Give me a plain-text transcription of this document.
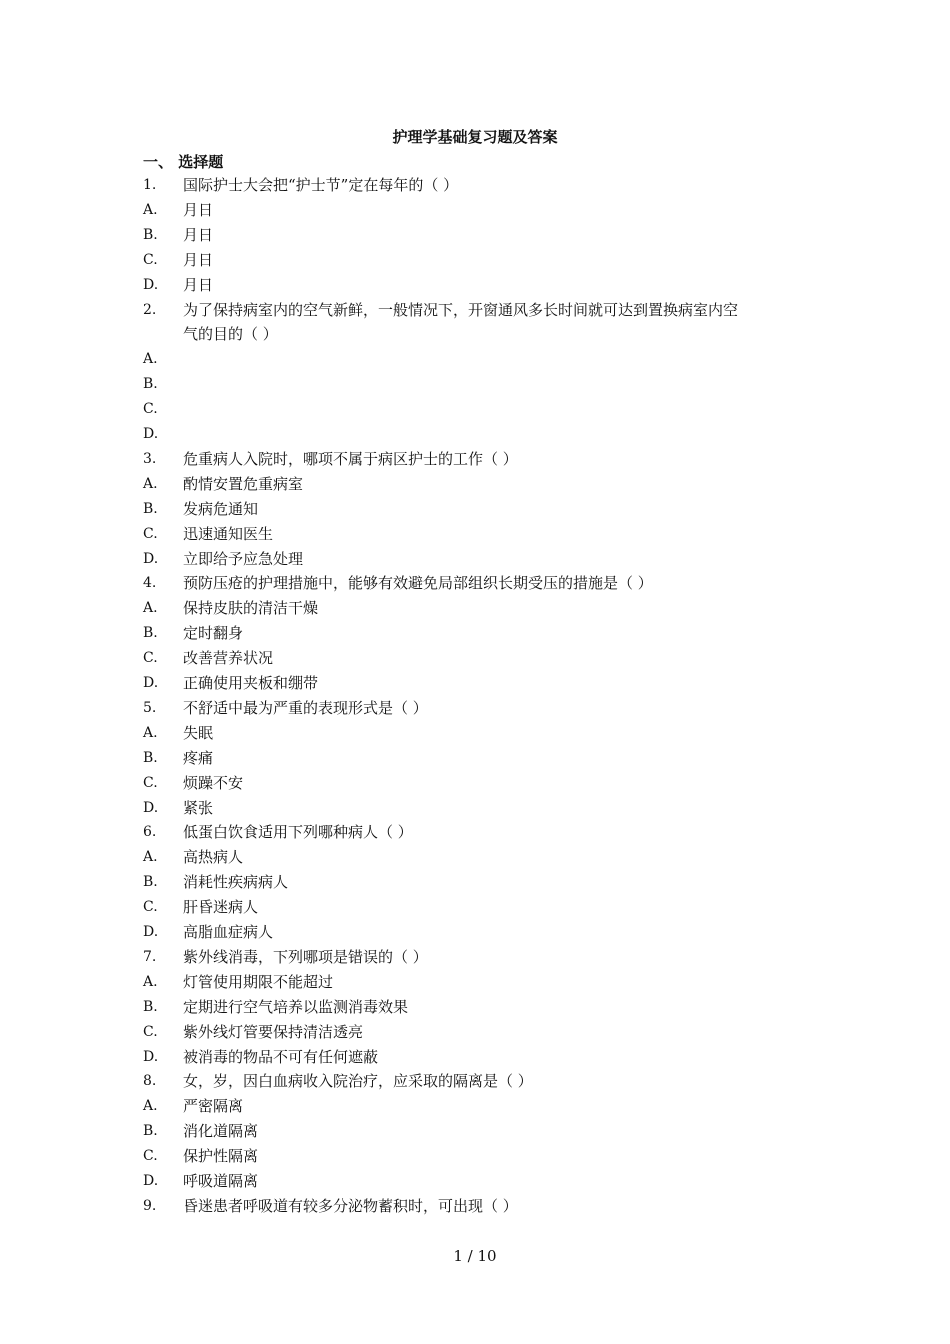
护理学基础复习题及答案
一、 选择题
1. 国际护士大会把“护士节”定在每年的（ ）
A. 月日
B. 月日
C. 月日
D. 月日
2. 为了保持病室内的空气新鲜，一般情况下，开窗通风多长时间就可达到置换病室内空
气的目的（ ）
A.
B.
C.
D.
3. 危重病人入院时，哪项不属于病区护士的工作（ ）
A. 酌情安置危重病室
B. 发病危通知
C. 迅速通知医生
D. 立即给予应急处理
4. 预防压疮的护理措施中，能够有效避免局部组织长期受压的措施是（ ）
A. 保持皮肤的清洁干燥
B. 定时翻身
C. 改善营养状况
D. 正确使用夹板和绷带
5. 不舒适中最为严重的表现形式是（ ）
A. 失眠
B. 疼痛
C. 烦躁不安
D. 紧张
6. 低蛋白饮食适用下列哪种病人（ ）
A. 高热病人
B. 消耗性疾病病人
C. 肝昏迷病人
D. 高脂血症病人
7. 紫外线消毒，下列哪项是错误的（ ）
A. 灯管使用期限不能超过
B. 定期进行空气培养以监测消毒效果
C. 紫外线灯管要保持清洁透亮
D. 被消毒的物品不可有任何遮蔽
8. 女，岁，因白血病收入院治疗，应采取的隔离是（ ）
A. 严密隔离
B. 消化道隔离
C. 保护性隔离
D. 呼吸道隔离
9. 昏迷患者呼吸道有较多分泌物蓄积时，可出现（ ）
1 / 10
